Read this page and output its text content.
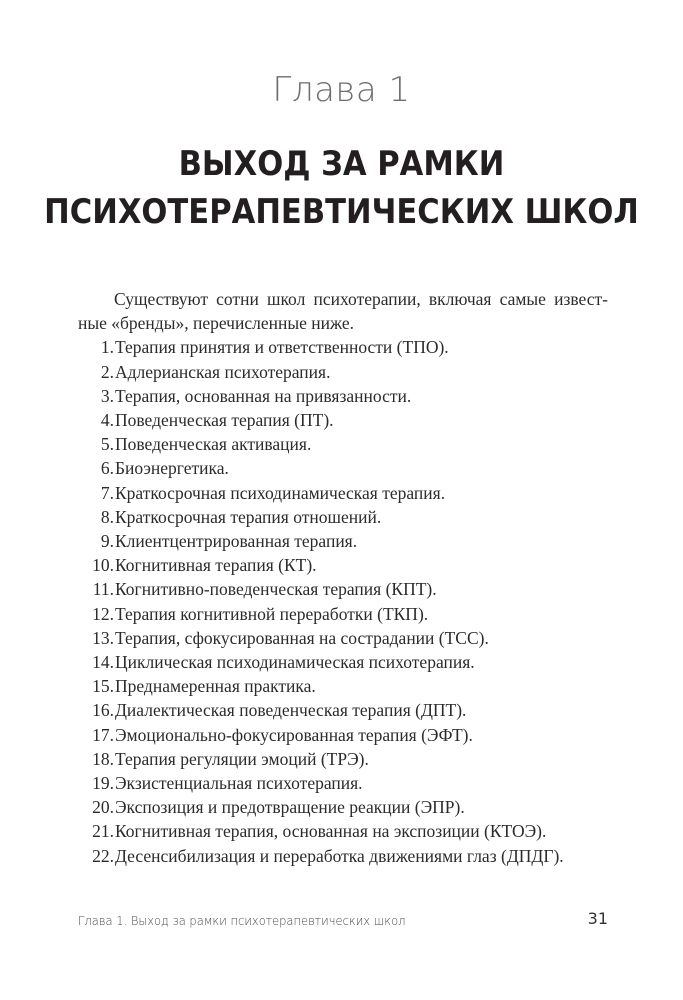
Глава 1
ВЫХОД ЗА РАМКИ
ПСИХОТЕРАПЕВТИЧЕСКИХ ШКОЛ

Существуют сотни школ психотерапии, включая самые извест-ные «бренды», перечисленные ниже.

1. Терапия принятия и ответственности (ТПО).
2. Адлерианская психотерапия.
3. Терапия, основанная на привязанности.
4. Поведенческая терапия (ПТ).
5. Поведенческая активация.
6. Биоэнергетика.
7. Краткосрочная психодинамическая терапия.
8. Краткосрочная терапия отношений.
9. Клиентцентрированная терапия.
10. Когнитивная терапия (КТ).
11. Когнитивно-поведенческая терапия (КПТ).
12. Терапия когнитивной переработки (ТКП).
13. Терапия, сфокусированная на сострадании (ТСС).
14. Циклическая психодинамическая психотерапия.
15. Преднамеренная практика.
16. Диалектическая поведенческая терапия (ДПТ).
17. Эмоционально-фокусированная терапия (ЭФТ).
18. Терапия регуляции эмоций (ТРЭ).
19. Экзистенциальная психотерапия.
20. Экспозиция и предотвращение реакции (ЭПР).
21. Когнитивная терапия, основанная на экспозиции (КТОЭ).
22. Десенсибилизация и переработка движениями глаз (ДПДГ).
Глава 1. Выход за рамки психотерапевтических школ	31
